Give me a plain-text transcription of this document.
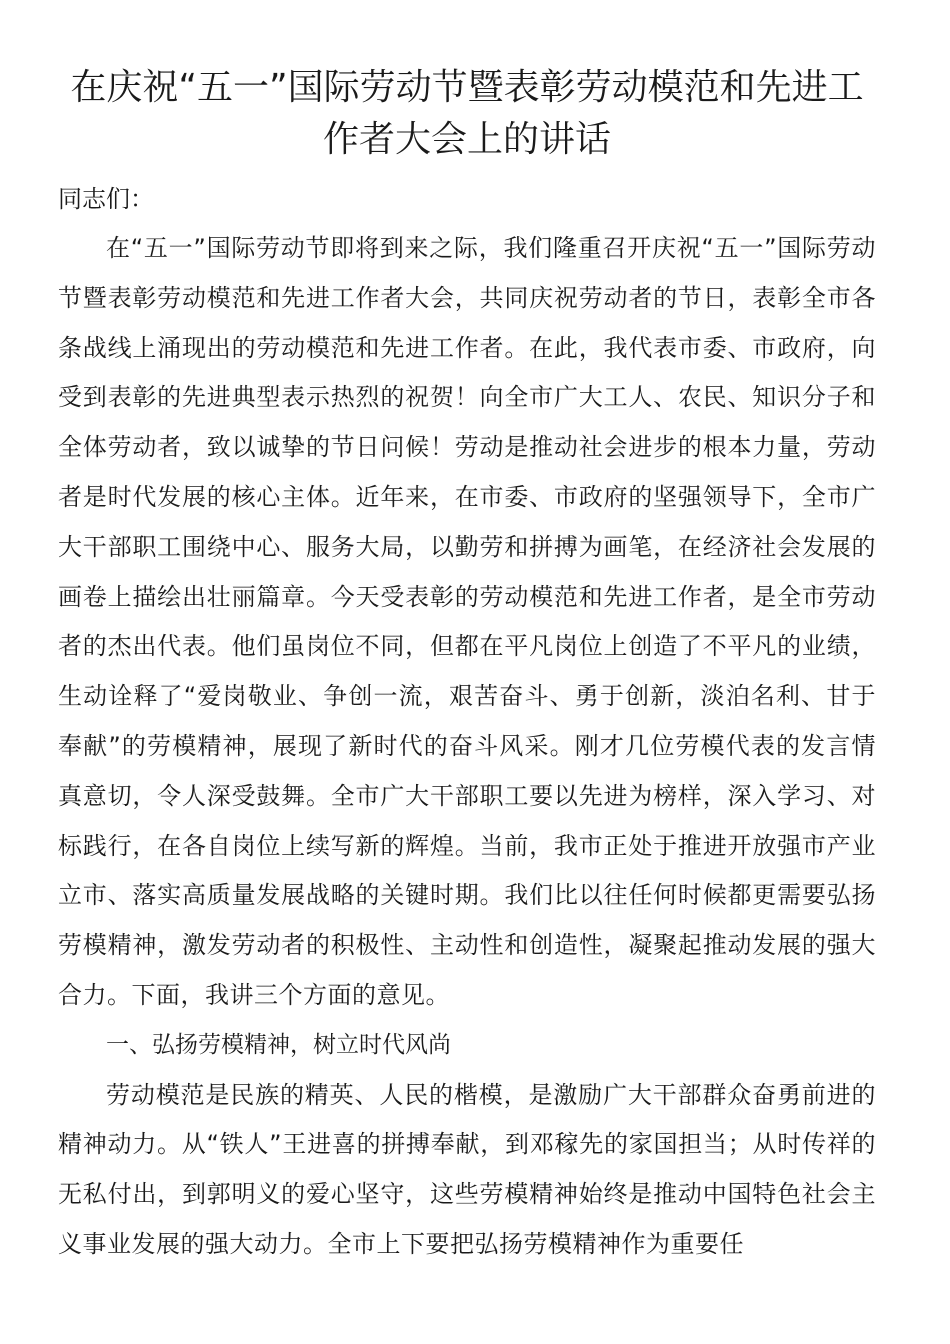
在庆祝“五一”国际劳动节暨表彰劳动模范和先进工作者大会上的讲话

同志们：

在“五一”国际劳动节即将到来之际，我们隆重召开庆祝“五一”国际劳动节暨表彰劳动模范和先进工作者大会，共同庆祝劳动者的节日，表彰全市各条战线上涌现出的劳动模范和先进工作者。在此，我代表市委、市政府，向受到表彰的先进典型表示热烈的祝贺！向全市广大工人、农民、知识分子和全体劳动者，致以诚挚的节日问候！劳动是推动社会进步的根本力量，劳动者是时代发展的核心主体。近年来，在市委、市政府的坚强领导下，全市广大干部职工围绕中心、服务大局，以勤劳和拼搏为画笔，在经济社会发展的画卷上描绘出壮丽篇章。今天受表彰的劳动模范和先进工作者，是全市劳动者的杰出代表。他们虽岗位不同，但都在平凡岗位上创造了不平凡的业绩，生动诠释了“爱岗敬业、争创一流，艰苦奋斗、勇于创新，淡泊名利、甘于奉献”的劳模精神，展现了新时代的奋斗风采。刚才几位劳模代表的发言情真意切，令人深受鼓舞。全市广大干部职工要以先进为榜样，深入学习、对标践行，在各自岗位上续写新的辉煌。当前，我市正处于推进开放强市产业立市、落实高质量发展战略的关键时期。我们比以往任何时候都更需要弘扬劳模精神，激发劳动者的积极性、主动性和创造性，凝聚起推动发展的强大合力。下面，我讲三个方面的意见。

一、弘扬劳模精神，树立时代风尚

劳动模范是民族的精英、人民的楷模，是激励广大干部群众奋勇前进的精神动力。从“铁人”王进喜的拼搏奉献，到邓稼先的家国担当；从时传祥的无私付出，到郭明义的爱心坚守，这些劳模精神始终是推动中国特色社会主义事业发展的强大动力。全市上下要把弘扬劳模精神作为重要任
